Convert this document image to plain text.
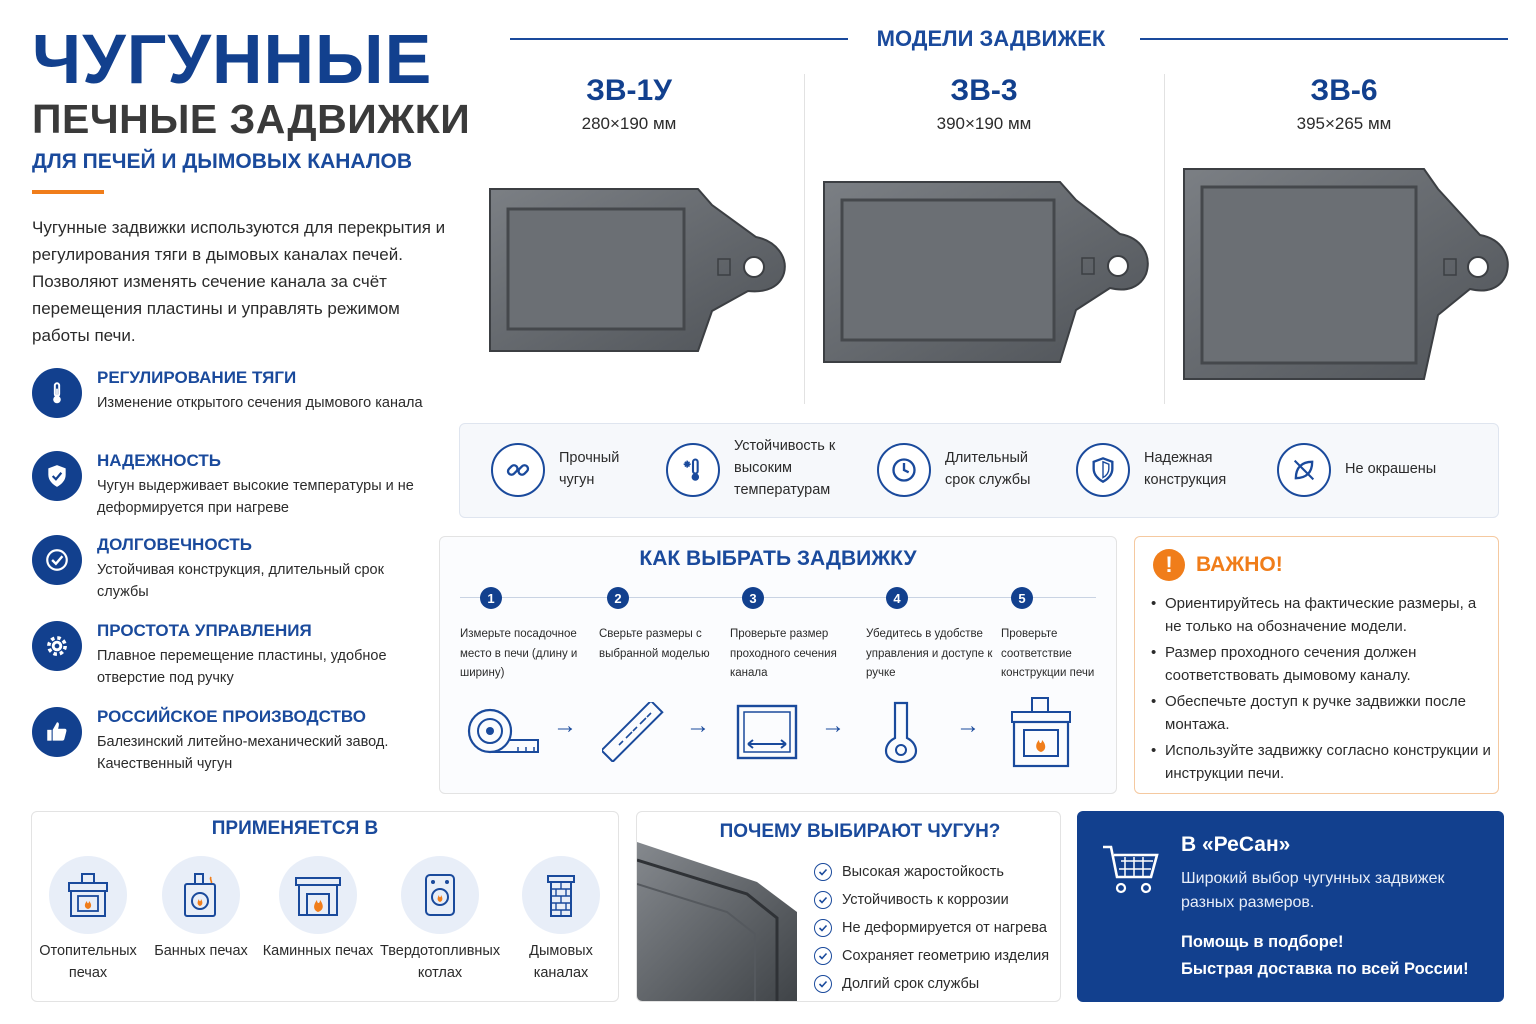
ЧУГУННЫЕ
ПЕЧНЫЕ ЗАДВИЖКИ
ДЛЯ ПЕЧЕЙ И ДЫМОВЫХ КАНАЛОВ
Чугунные задвижки используются для перекрытия и регулирования тяги в дымовых каналах печей. Позволяют изменять сечение канала за счёт перемещения пластины и управлять режимом работы печи.
РЕГУЛИРОВАНИЕ ТЯГИ
Изменение открытого сечения дымового канала
НАДЕЖНОСТЬ
Чугун выдерживает высокие температуры и не деформируется при нагреве
ДОЛГОВЕЧНОСТЬ
Устойчивая конструкция, длительный срок службы
ПРОСТОТА УПРАВЛЕНИЯ
Плавное перемещение пластины, удобное отверстие под ручку
РОССИЙСКОЕ ПРОИЗВОДСТВО
Балезинский литейно-механический завод. Качественный чугун
МОДЕЛИ ЗАДВИЖЕК
ЗВ-1У
280×190 мм
ЗВ-3
390×190 мм
ЗВ-6
395×265 мм
Прочный чугун
Устойчивость к высоким температурам
Длительный срок службы
Надежная конструкция
Не окрашены
КАК ВЫБРАТЬ ЗАДВИЖКУ
1	2	3	4	5
Измерьте посадочное место в печи (длину и ширину)
Сверьте размеры с выбранной моделью
Проверьте размер проходного сечения канала
Убедитесь в удобстве управления и доступе к ручке
Проверьте соответствие конструкции печи
→	→	→	→
!	ВАЖНО!
• Ориентируйтесь на фактические размеры, а не только на обозначение модели.
• Размер проходного сечения должен соответствовать дымовому каналу.
• Обеспечьте доступ к ручке задвижки после монтажа.
• Используйте задвижку согласно конструкции и инструкции печи.
ПРИМЕНЯЕТСЯ В
Отопительных печах
Банных печах	Каминных печах Твердотопливных котлах
Дымовых каналах
ПОЧЕМУ ВЫБИРАЮТ ЧУГУН?
Высокая жаростойкость
Устойчивость к коррозии
Не деформируется от нагрева
Сохраняет геометрию изделия
Долгий срок службы
В «РеСан»
Широкий выбор чугунных задвижек разных размеров.
Помощь в подборе!
Быстрая доставка по всей России!
